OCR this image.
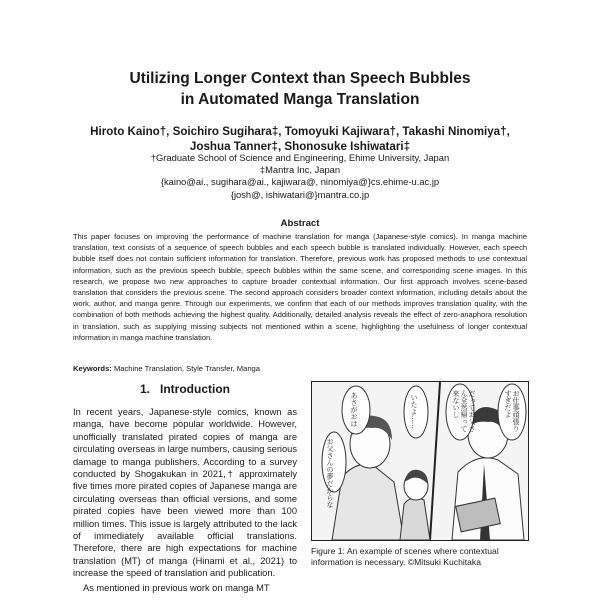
Utilizing Longer Context than Speech Bubbles
in Automated Manga Translation
Hiroto Kaino†, Soichiro Sugihara‡, Tomoyuki Kajiwara†, Takashi Ninomiya†,
Joshua Tanner‡, Shonosuke Ishiwatari‡
†Graduate School of Science and Engineering, Ehime University, Japan
‡Mantra Inc, Japan
{kaino@ai., sugihara@ai., kajiwara@, ninomiya@}cs.ehime-u.ac.jp
{josh@, ishiwatari@}mantra.co.jp
Abstract
This paper focuses on improving the performance of machine translation for manga (Japanese-style comics). In manga machine translation, text consists of a sequence of speech bubbles and each speech bubble is translated individually. However, each speech bubble itself does not contain sufficient information for translation. Therefore, previous work has proposed methods to use contextual information, such as the previous speech bubble, speech bubbles within the same scene, and corresponding scene images. In this research, we propose two new approaches to capture broader contextual information. Our first approach involves scene-based translation that considers the previous scene. The second approach considers broader context information, including details about the work, author, and manga genre. Through our experiments, we confirm that each of our methods improves translation quality, with the combination of both methods achieving the highest quality. Additionally, detailed analysis reveals the effect of zero-anaphora resolution in translation, such as supplying missing subjects not mentioned within a scene, highlighting the usefulness of longer contextual information in manga machine translation.
Keywords: Machine Translation, Style Transfer, Manga
1. Introduction

In recent years, Japanese-style comics, known as manga, have become popular worldwide. However, unofficially translated pirated copies of manga are circulating overseas in large numbers, causing serious damage to manga publishers. According to a survey conducted by Shogakukan in 2021,† approximately five times more pirated copies of Japanese manga are circulating overseas than official versions, and some pirated copies have been viewed more than 100 million times. This issue is largely attributed to the lack of immediately available official translations. Therefore, there are high expectations for machine translation (MT) of manga (Hinami et al., 2021) to increase the speed of translation and publication.

As mentioned in previous work on manga MT

あさがおは
お父さんの夢だからな
いたよ……	だってお父さん全然帰って来ないし	お仕事頑張りすぎだよ
Figure 1: An example of scenes where contextual information is necessary. ©Mitsuki Kuchitaka
